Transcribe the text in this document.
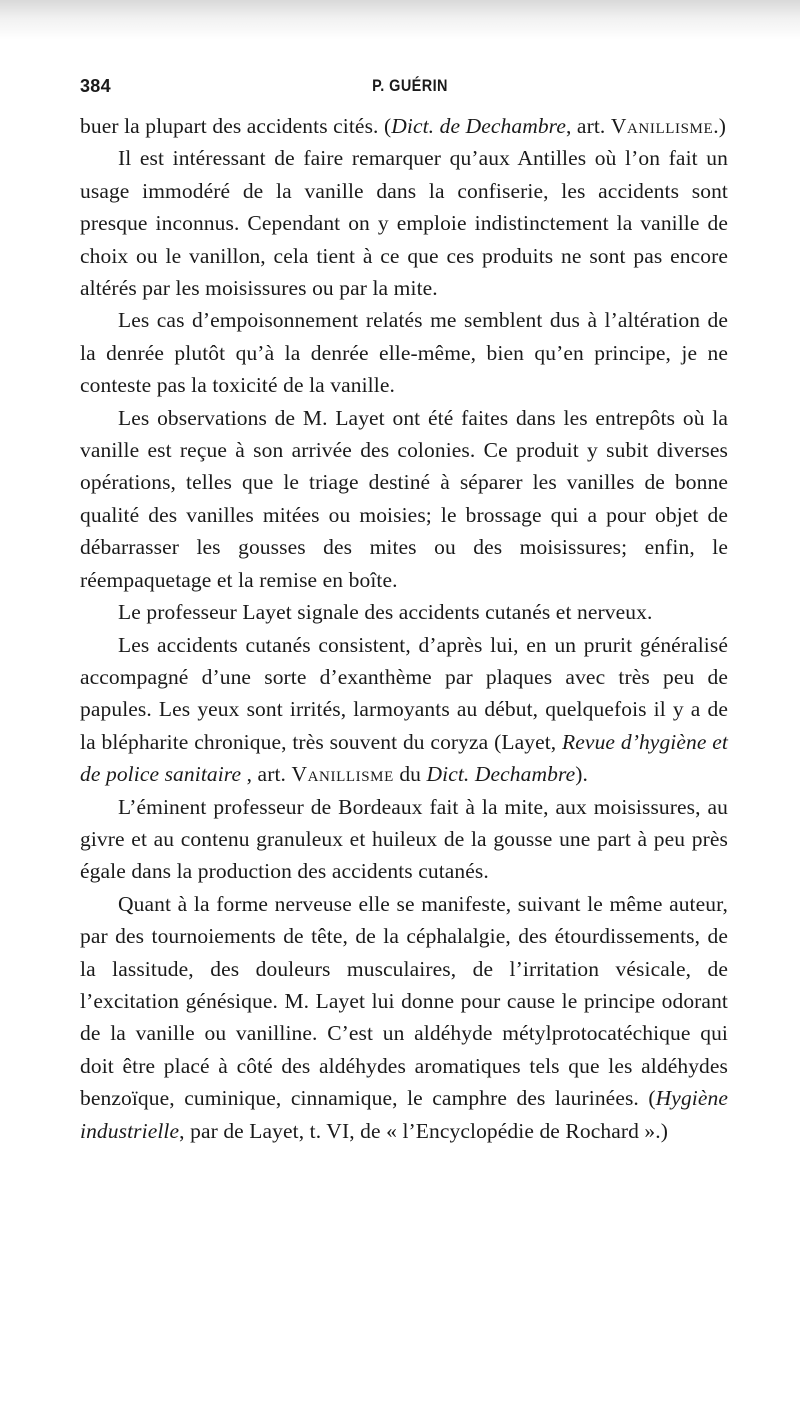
384	P. GUÉRIN

buer la plupart des accidents cités. (Dict. de Dechambre, art. Vanillisme.)

Il est intéressant de faire remarquer qu’aux Antilles où l’on fait un usage immodéré de la vanille dans la confiserie, les accidents sont presque inconnus. Cependant on y emploie indistinctement la vanille de choix ou le vanillon, cela tient à ce que ces produits ne sont pas encore altérés par les moisissures ou par la mite.

Les cas d’empoisonnement relatés me semblent dus à l’altération de la denrée plutôt qu’à la denrée elle-même, bien qu’en principe, je ne conteste pas la toxicité de la vanille.

Les observations de M. Layet ont été faites dans les entrepôts où la vanille est reçue à son arrivée des colonies. Ce produit y subit diverses opérations, telles que le triage destiné à séparer les vanilles de bonne qualité des vanilles mitées ou moisies; le brossage qui a pour objet de débarrasser les gousses des mites ou des moisissures; enfin, le réempaquetage et la remise en boîte.

Le professeur Layet signale des accidents cutanés et nerveux.

Les accidents cutanés consistent, d’après lui, en un prurit généralisé accompagné d’une sorte d’exanthème par plaques avec très peu de papules. Les yeux sont irrités, larmoyants au début, quelquefois il y a de la blépharite chronique, très souvent du coryza (Layet, Revue d’hygiène et de police sanitaire , art. Vanillisme du Dict. Dechambre).

L’éminent professeur de Bordeaux fait à la mite, aux moisissures, au givre et au contenu granuleux et huileux de la gousse une part à peu près égale dans la production des accidents cutanés.

Quant à la forme nerveuse elle se manifeste, suivant le même auteur, par des tournoiements de tête, de la céphalalgie, des étourdissements, de la lassitude, des douleurs musculaires, de l’irritation vésicale, de l’excitation génésique. M. Layet lui donne pour cause le principe odorant de la vanille ou vanilline. C’est un aldéhyde métylprotocatéchique qui doit être placé à côté des aldéhydes aromatiques tels que les aldéhydes benzoïque, cuminique, cinnamique, le camphre des laurinées. (Hygiène industrielle, par de Layet, t. VI, de « l’Encyclopédie de Rochard ».)
